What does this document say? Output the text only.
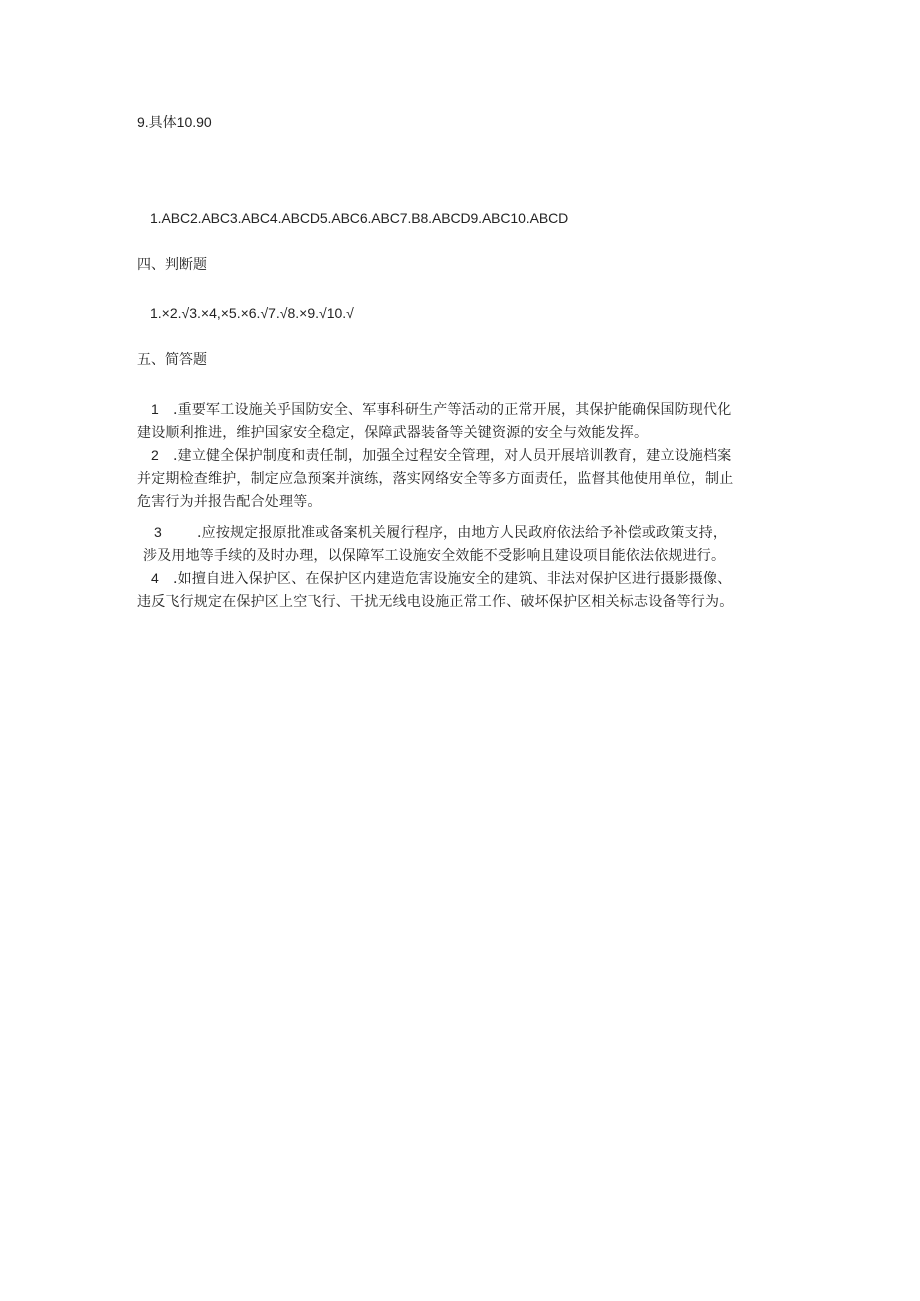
9.具体10.90
1.ABC2.ABC3.ABC4.ABCD5.ABC6.ABC7.B8.ABCD9.ABC10.ABCD
四、判断题
1.×2.√3.×4,×5.×6.√7.√8.×9.√10.√
五、简答题
1 .重要军工设施关乎国防安全、军事科研生产等活动的正常开展，其保护能确保国防现代化
建设顺利推进，维护国家安全稳定，保障武器装备等关键资源的安全与效能发挥。
2 .建立健全保护制度和责任制，加强全过程安全管理，对人员开展培训教育，建立设施档案
并定期检查维护，制定应急预案并演练，落实网络安全等多方面责任，监督其他使用单位，制止
危害行为并报告配合处理等。
3	.应按规定报原批准或备案机关履行程序，由地方人民政府依法给予补偿或政策支持，
涉及用地等手续的及时办理，以保障军工设施安全效能不受影响且建设项目能依法依规进行。
4 .如擅自进入保护区、在保护区内建造危害设施安全的建筑、非法对保护区进行摄影摄像、
违反飞行规定在保护区上空飞行、干扰无线电设施正常工作、破坏保护区相关标志设备等行为。
